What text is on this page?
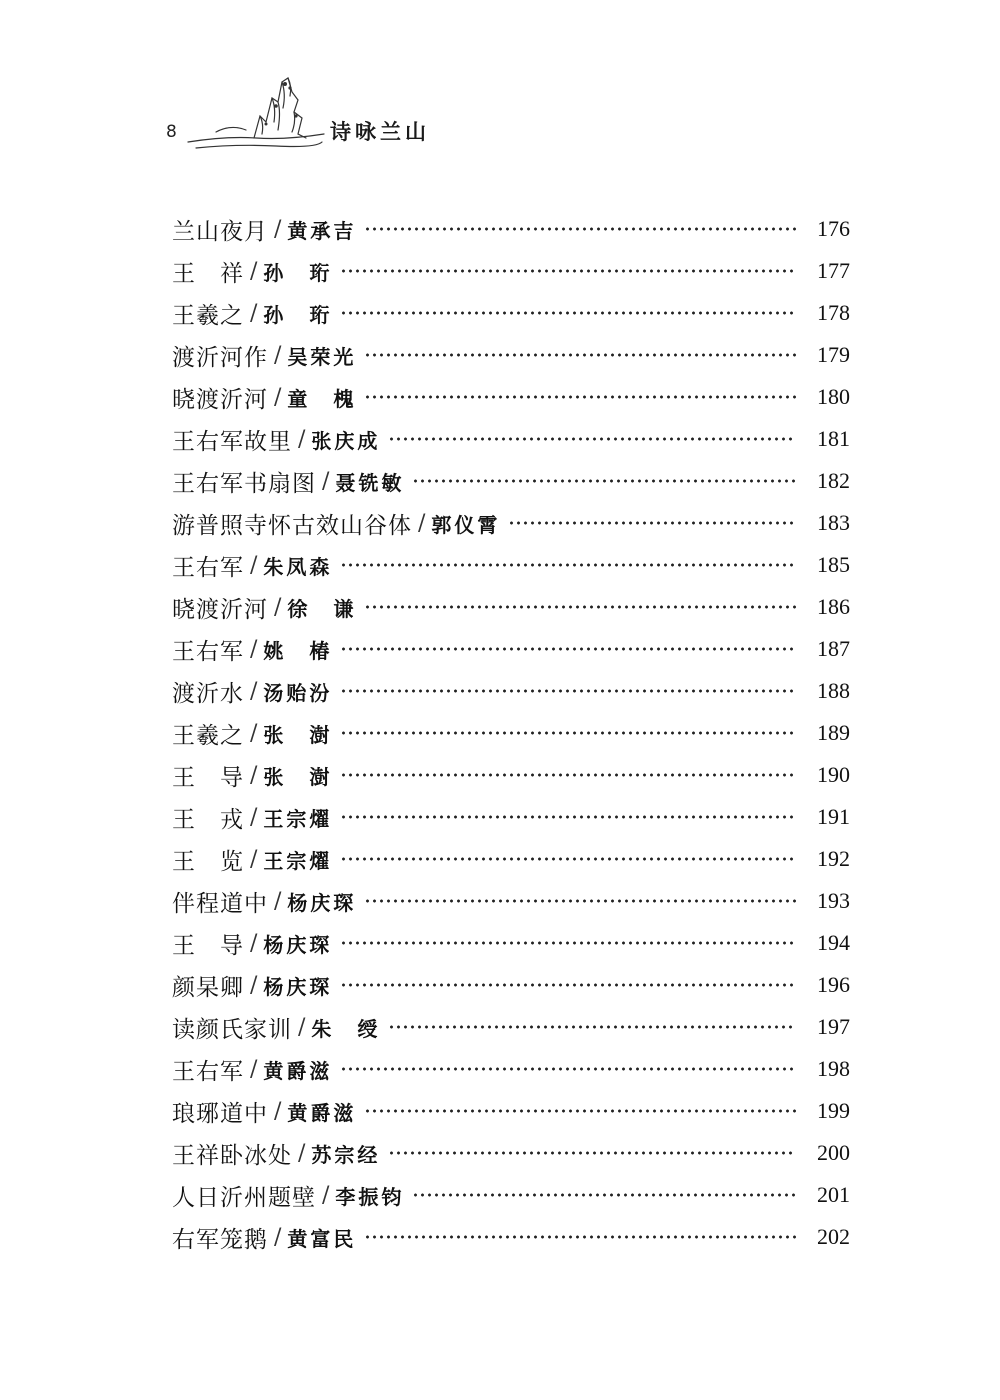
8	诗咏兰山
兰山夜月 / 黄承吉	176
王　祥 / 孙　珩	177
王羲之 / 孙　珩	178
渡沂河作 / 吴荣光	179
晓渡沂河 / 童　槐	180
王右军故里 / 张庆成	181
王右军书扇图 / 聂铣敏	182
游普照寺怀古效山谷体 / 郭仪霄	183
王右军 / 朱凤森	185
晓渡沂河 / 徐　谦	186
王右军 / 姚　椿	187
渡沂水 / 汤贻汾	188
王羲之 / 张　澍	189
王　导 / 张　澍	190
王　戎 / 王宗燿	191
王　览 / 王宗燿	192
伴程道中 / 杨庆琛	193
王　导 / 杨庆琛	194
颜杲卿 / 杨庆琛	196
读颜氏家训 / 朱　绶	197
王右军 / 黄爵滋	198
琅琊道中 / 黄爵滋	199
王祥卧冰处 / 苏宗经	200
人日沂州题壁 / 李振钧	201
右军笼鹅 / 黄富民	202
